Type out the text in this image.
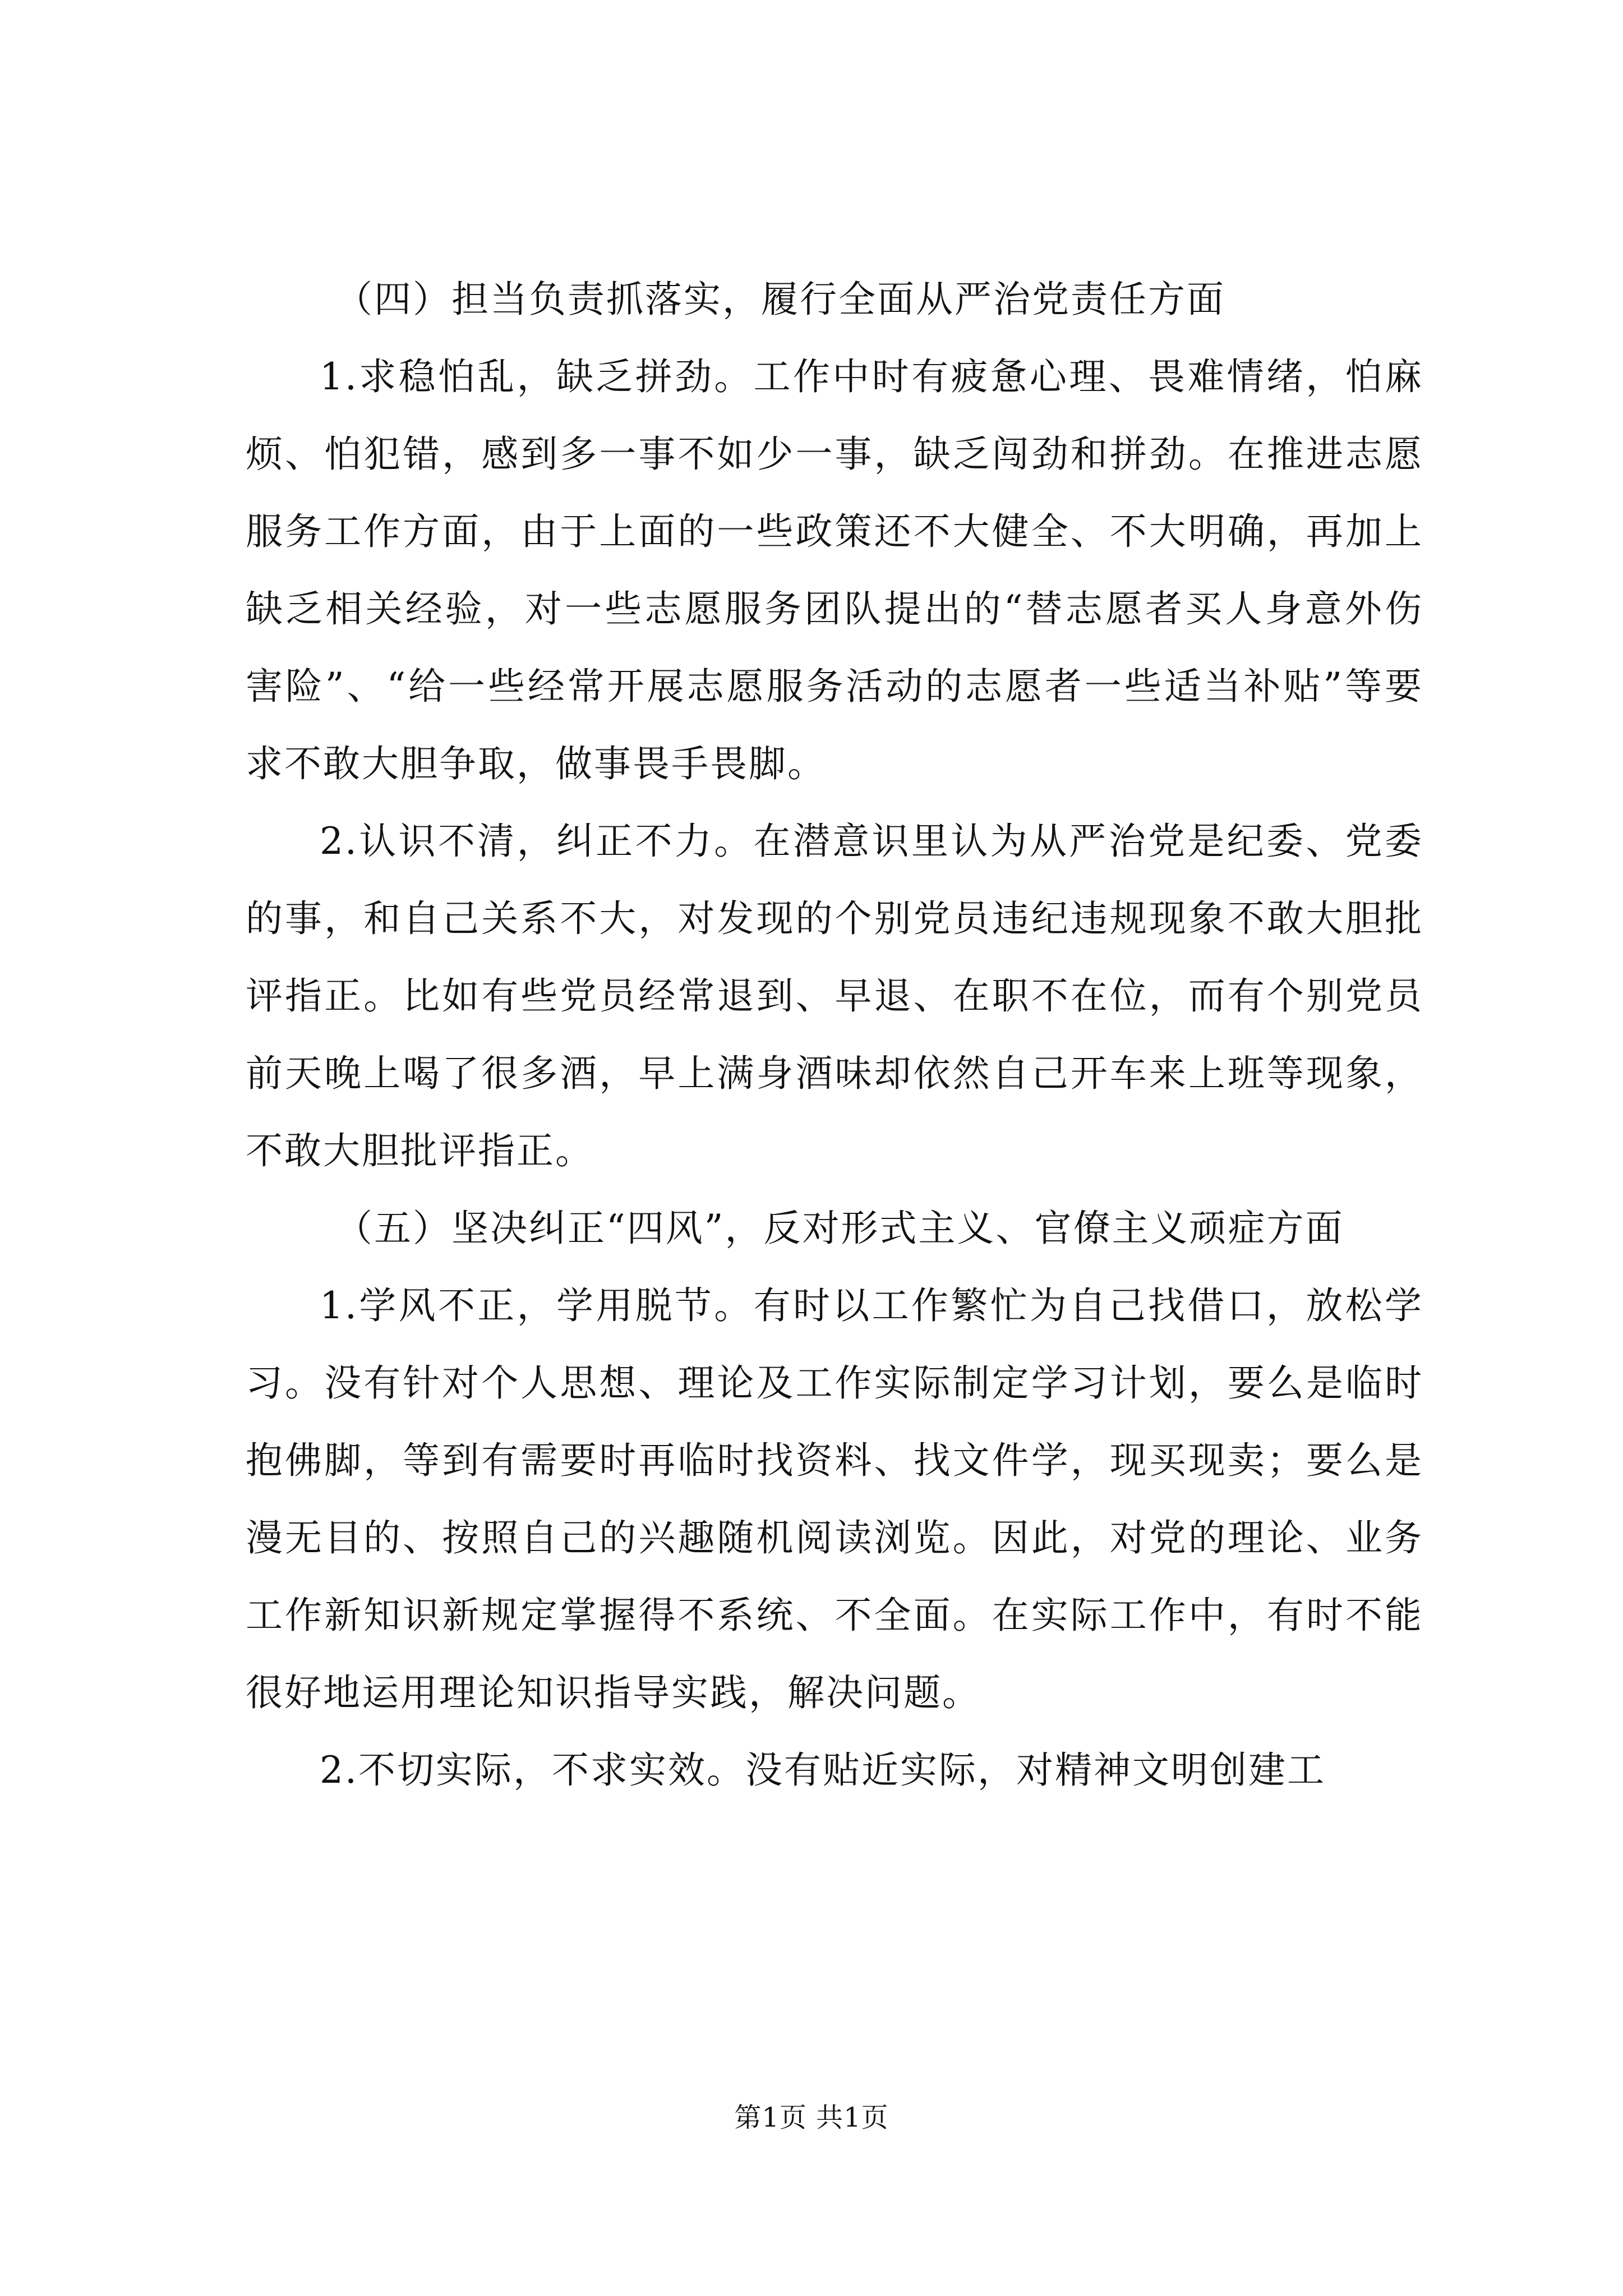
（四）担当负责抓落实，履行全面从严治党责任方面

1.求稳怕乱，缺乏拼劲。工作中时有疲惫心理、畏难情绪，怕麻烦、怕犯错，感到多一事不如少一事，缺乏闯劲和拼劲。在推进志愿服务工作方面，由于上面的一些政策还不大健全、不大明确，再加上缺乏相关经验，对一些志愿服务团队提出的“替志愿者买人身意外伤害险”、“给一些经常开展志愿服务活动的志愿者一些适当补贴”等要求不敢大胆争取，做事畏手畏脚。

2.认识不清，纠正不力。在潜意识里认为从严治党是纪委、党委的事，和自己关系不大，对发现的个别党员违纪违规现象不敢大胆批评指正。比如有些党员经常退到、早退、在职不在位，而有个别党员前天晚上喝了很多酒，早上满身酒味却依然自己开车来上班等现象，不敢大胆批评指正。

（五）坚决纠正“四风”，反对形式主义、官僚主义顽症方面

1.学风不正，学用脱节。有时以工作繁忙为自己找借口，放松学习。没有针对个人思想、理论及工作实际制定学习计划，要么是临时抱佛脚，等到有需要时再临时找资料、找文件学，现买现卖；要么是漫无目的、按照自己的兴趣随机阅读浏览。因此，对党的理论、业务工作新知识新规定掌握得不系统、不全面。在实际工作中，有时不能很好地运用理论知识指导实践，解决问题。

2.不切实际，不求实效。没有贴近实际，对精神文明创建工

第1页 共1页
